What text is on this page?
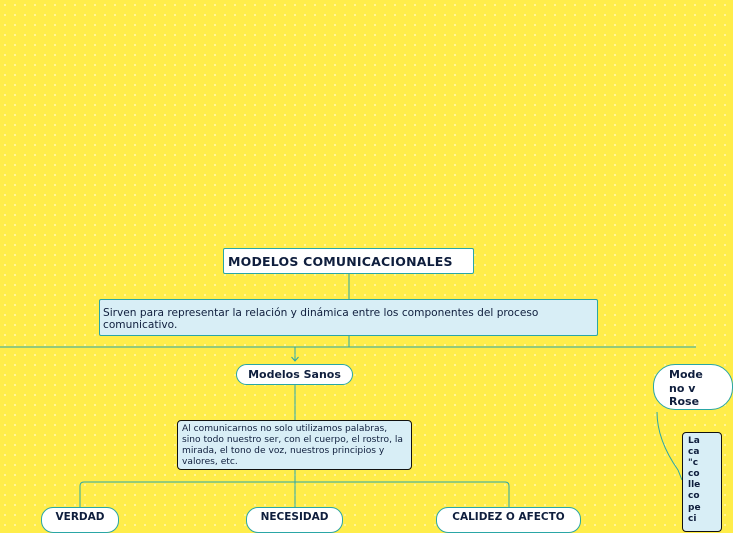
MODELOS COMUNICACIONALES
Sirven para representar la relación y dinámica entre los componentes del proceso comunicativo.
Modelos Sanos
Al comunicarnos no solo utilizamos palabras, sino todo nuestro ser, con el cuerpo, el rostro, la mirada, el tono de voz, nuestros principios y valores, etc.
VERDAD	NECESIDAD	CALIDEZ O AFECTO
Mode
no v
Rose
La
ca
"c
co
lle
co
pe
ci
